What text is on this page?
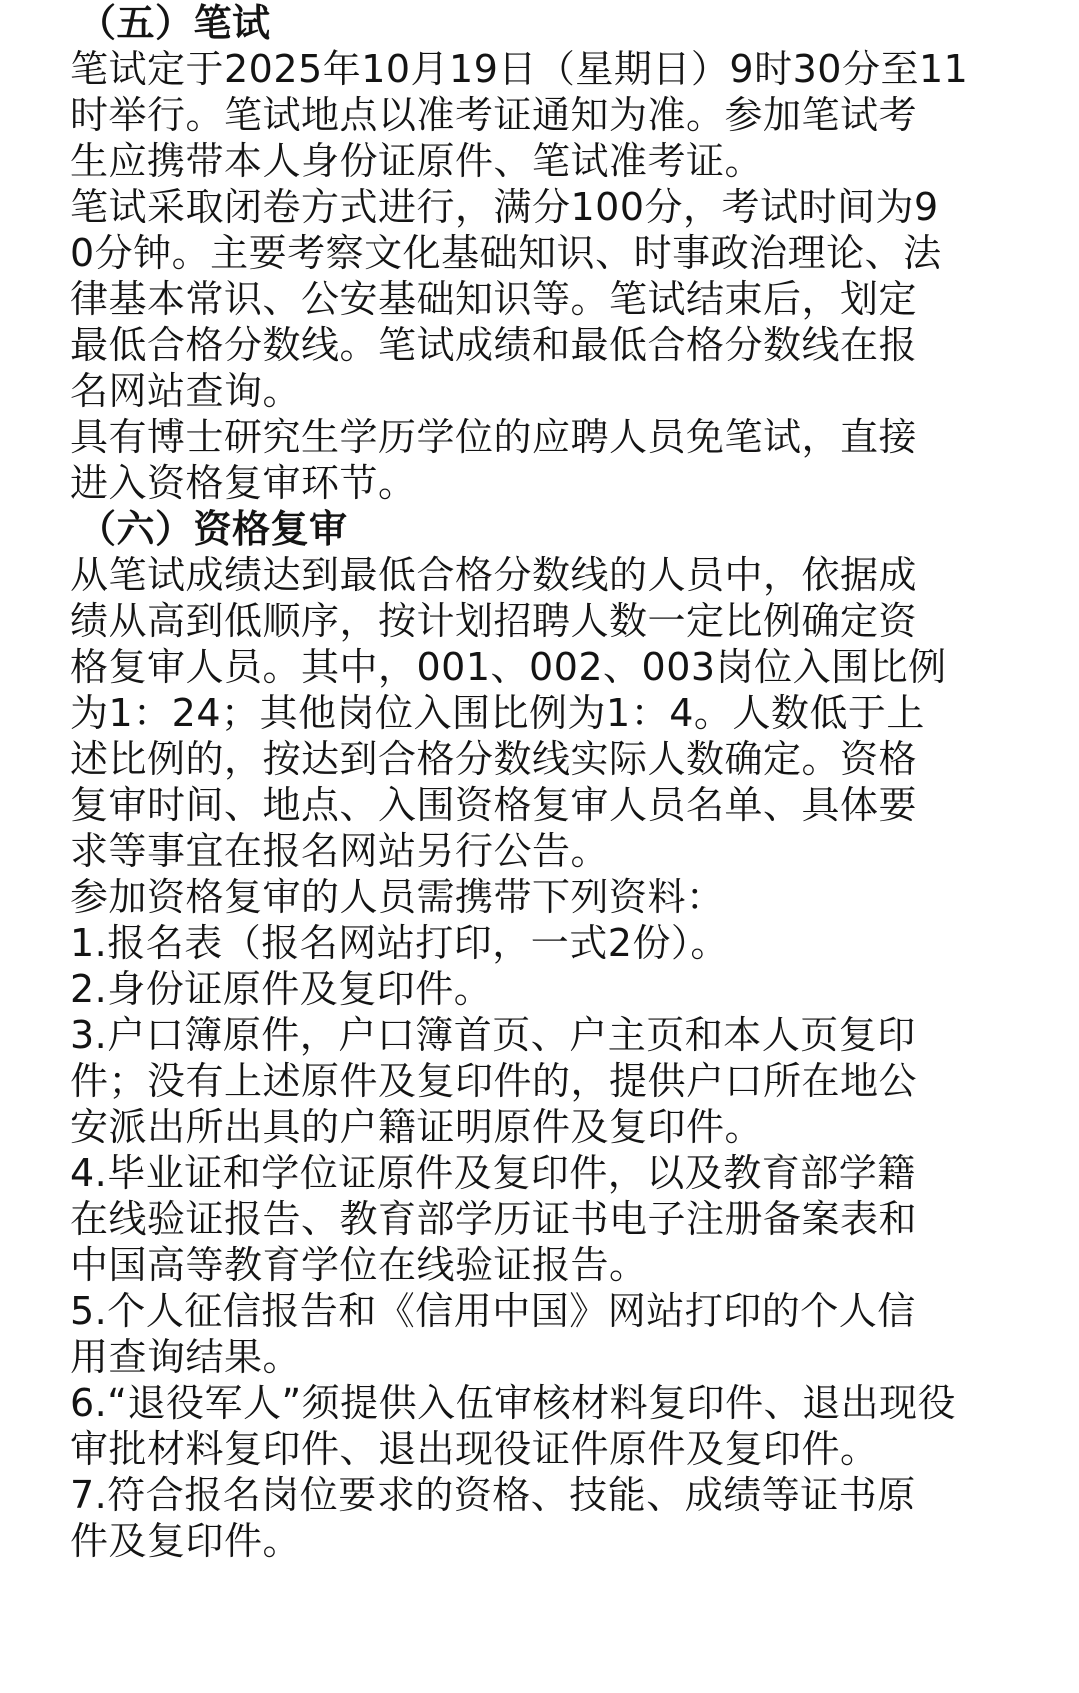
（五）笔试
笔试定于2025年10月19日（星期日）9时30分至11
时举行。笔试地点以准考证通知为准。参加笔试考
生应携带本人身份证原件、笔试准考证。
笔试采取闭卷方式进行，满分100分，考试时间为9
0分钟。主要考察文化基础知识、时事政治理论、法
律基本常识、公安基础知识等。笔试结束后，划定
最低合格分数线。笔试成绩和最低合格分数线在报
名网站查询。
具有博士研究生学历学位的应聘人员免笔试，直接
进入资格复审环节。
（六）资格复审
从笔试成绩达到最低合格分数线的人员中，依据成
绩从高到低顺序，按计划招聘人数一定比例确定资
格复审人员。其中，001、002、003岗位入围比例
为1：24；其他岗位入围比例为1：4。人数低于上
述比例的，按达到合格分数线实际人数确定。资格
复审时间、地点、入围资格复审人员名单、具体要
求等事宜在报名网站另行公告。
参加资格复审的人员需携带下列资料：
1.报名表（报名网站打印，一式2份）。
2.身份证原件及复印件。
3.户口簿原件，户口簿首页、户主页和本人页复印
件；没有上述原件及复印件的，提供户口所在地公
安派出所出具的户籍证明原件及复印件。
4.毕业证和学位证原件及复印件，以及教育部学籍
在线验证报告、教育部学历证书电子注册备案表和
中国高等教育学位在线验证报告。
5.个人征信报告和《信用中国》网站打印的个人信
用查询结果。
6.“退役军人”须提供入伍审核材料复印件、退出现役
审批材料复印件、退出现役证件原件及复印件。
7.符合报名岗位要求的资格、技能、成绩等证书原
件及复印件。
